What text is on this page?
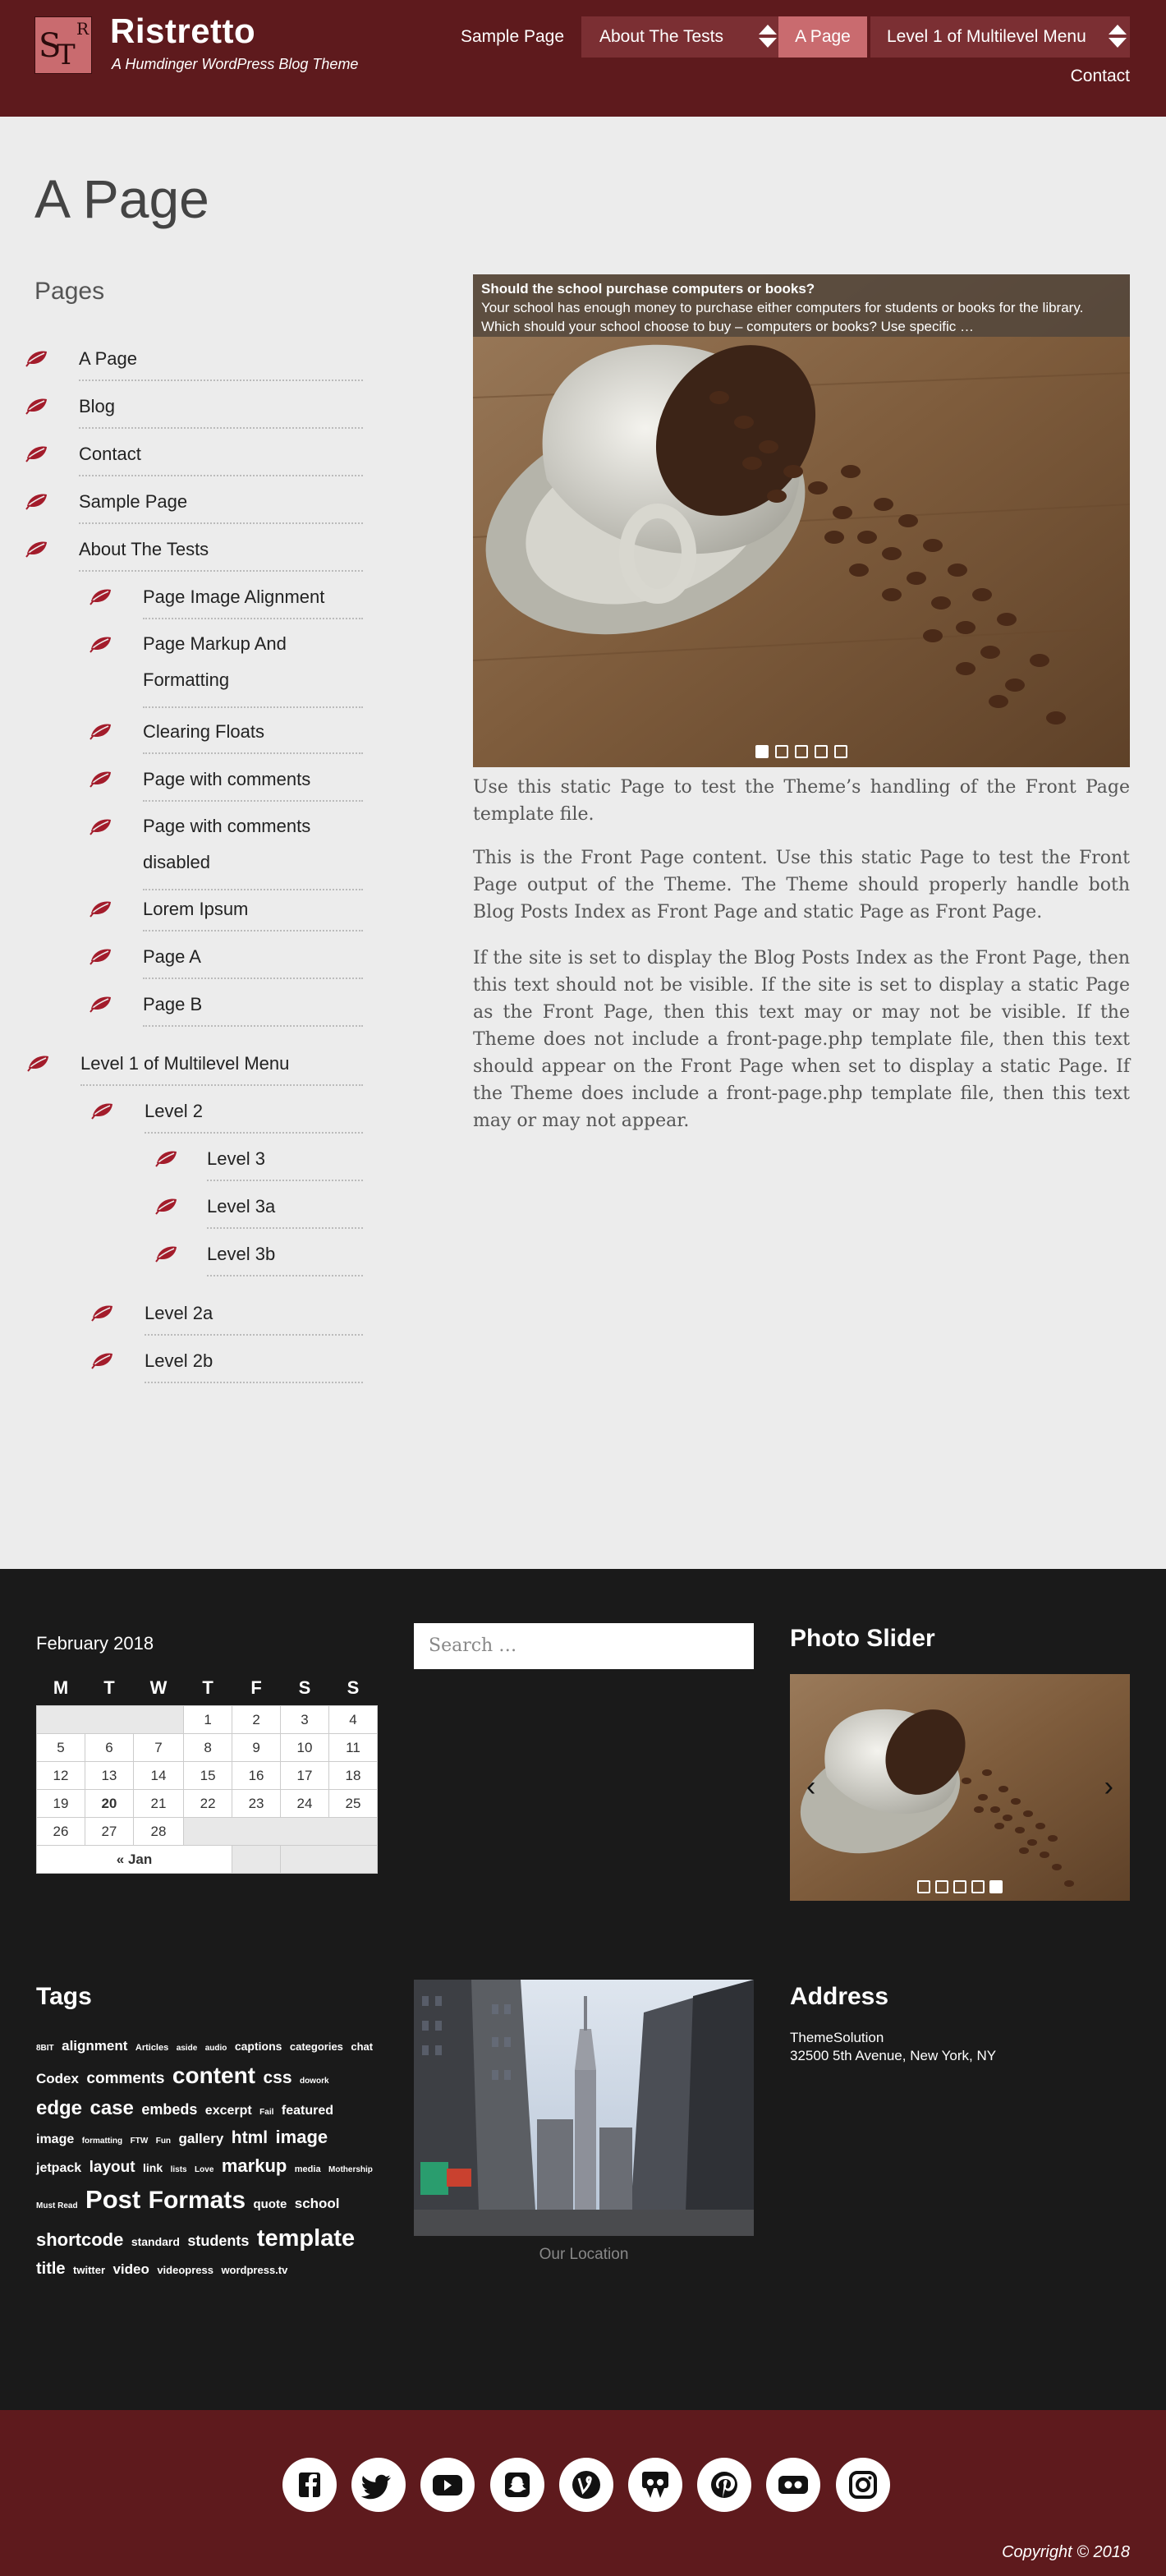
S
T
R Ristretto
A Humdinger WordPress Blog Theme
Sample Page	About The Tests	A Page	Level 1 of Multilevel Menu
Contact
A Page
Pages
A Page
Blog
Contact
Sample Page
About The Tests
Page Image Alignment
Page Markup And Formatting
Clearing Floats
Page with comments
Page with comments disabled
Lorem Ipsum
Page A
Page B
Level 1 of Multilevel Menu
Level 2
Level 3
Level 3a
Level 3b
Level 2a
Level 2b
Should the school purchase computers or books?
Your school has enough money to purchase either computers for students or books for the library. Which should your school choose to buy – computers or books? Use specific …

Use this static Page to test the Theme’s handling of the Front Page template file.

This is the Front Page content. Use this static Page to test the Front Page output of the Theme. The Theme should properly handle both Blog Posts Index as Front Page and static Page as Front Page.

If the site is set to display the Blog Posts Index as the Front Page, then this text should not be visible. If the site is set to display a static Page as the Front Page, then this text may or may not be visible. If the Theme does not include a front-page.php template file, then this text should appear on the Front Page when set to display a static Page. If the Theme does include a front-page.php template file, then this text may or may not appear.

February 2018
M	T	W	T	F	S	S
			1	2	3	4
5	6	7	8	9	10	11
12	13	14	15	16	17	18
19	20	21	22	23	24	25
26	27	28				
« Jan						
Search …	Photo Slider
‹	›
Tags
8BIT alignment Articles aside audio captions categories chat Codex comments content css dowork edge case embeds excerpt Fail featured image formatting FTW Fun gallery html image jetpack layout link lists Love markup media Mothership Must Read Post Formats quote school shortcode standard students template title twitter video videopress wordpress.tv
Our Location
Address
ThemeSolution
32500 5th Avenue, New York, NY
Copyright © 2018
